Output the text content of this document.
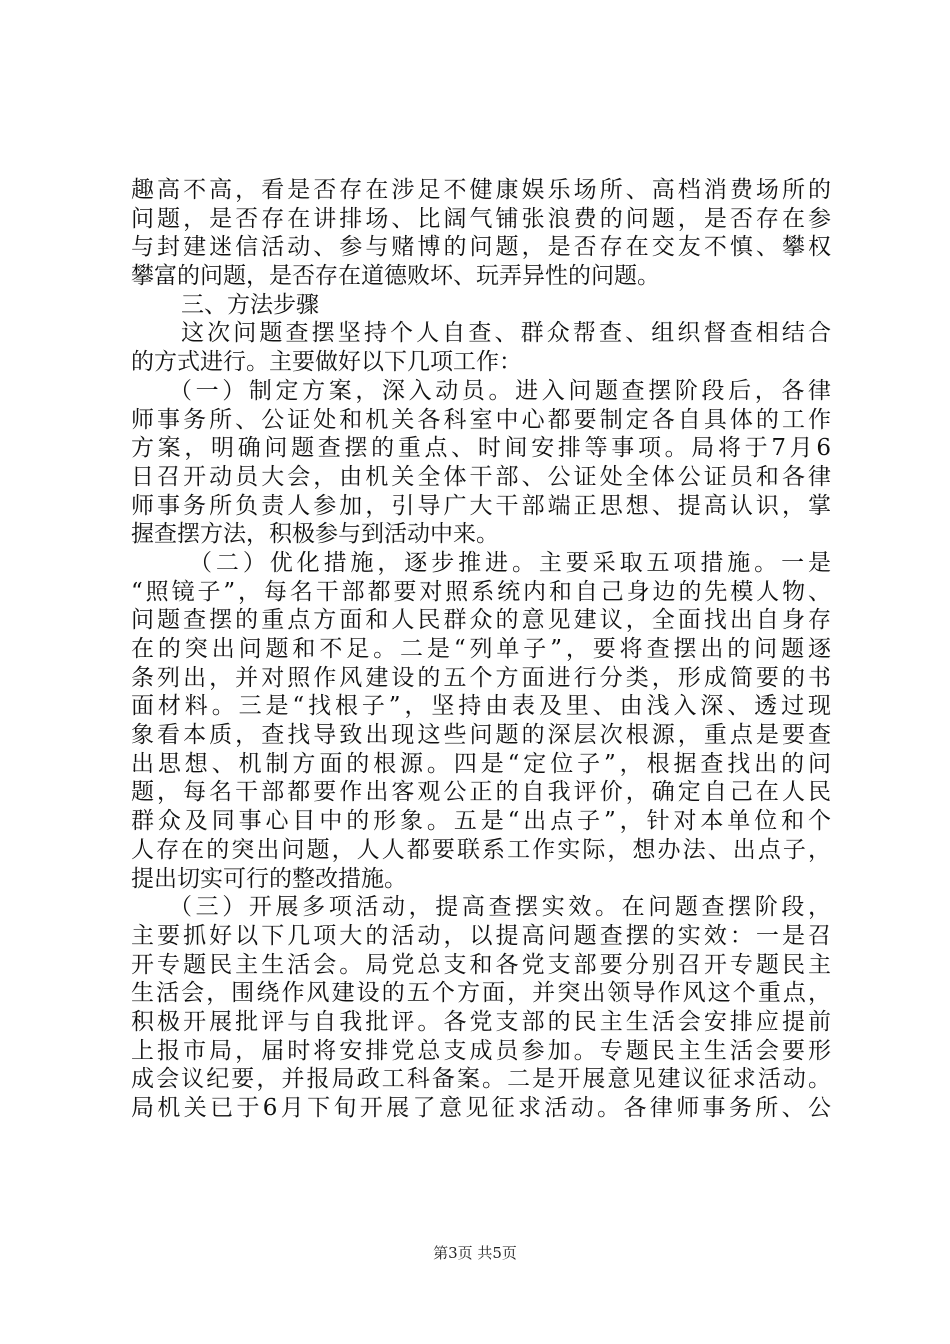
趣高不高，看是否存在涉足不健康娱乐场所、高档消费场所的
问题，是否存在讲排场、比阔气铺张浪费的问题，是否存在参
与封建迷信活动、参与赌博的问题，是否存在交友不慎、攀权
攀富的问题，是否存在道德败坏、玩弄异性的问题。
三、方法步骤
这次问题查摆坚持个人自查、群众帮查、组织督查相结合
的方式进行。主要做好以下几项工作：
（一）制定方案，深入动员。进入问题查摆阶段后，各律
师事务所、公证处和机关各科室中心都要制定各自具体的工作
方案，明确问题查摆的重点、时间安排等事项。局将于7月6
日召开动员大会，由机关全体干部、公证处全体公证员和各律
师事务所负责人参加，引导广大干部端正思想、提高认识，掌
握查摆方法，积极参与到活动中来。
（二）优化措施，逐步推进。主要采取五项措施。一是
“照镜子”，每名干部都要对照系统内和自己身边的先模人物、
问题查摆的重点方面和人民群众的意见建议，全面找出自身存
在的突出问题和不足。二是“列单子”，要将查摆出的问题逐
条列出，并对照作风建设的五个方面进行分类，形成简要的书
面材料。三是“找根子”，坚持由表及里、由浅入深、透过现
象看本质，查找导致出现这些问题的深层次根源，重点是要查
出思想、机制方面的根源。四是“定位子”，根据查找出的问
题，每名干部都要作出客观公正的自我评价，确定自己在人民
群众及同事心目中的形象。五是“出点子”，针对本单位和个
人存在的突出问题，人人都要联系工作实际，想办法、出点子，
提出切实可行的整改措施。
（三）开展多项活动，提高查摆实效。在问题查摆阶段，
主要抓好以下几项大的活动，以提高问题查摆的实效：一是召
开专题民主生活会。局党总支和各党支部要分别召开专题民主
生活会，围绕作风建设的五个方面，并突出领导作风这个重点，
积极开展批评与自我批评。各党支部的民主生活会安排应提前
上报市局，届时将安排党总支成员参加。专题民主生活会要形
成会议纪要，并报局政工科备案。二是开展意见建议征求活动。
局机关已于6月下旬开展了意见征求活动。各律师事务所、公
第3页 共5页
